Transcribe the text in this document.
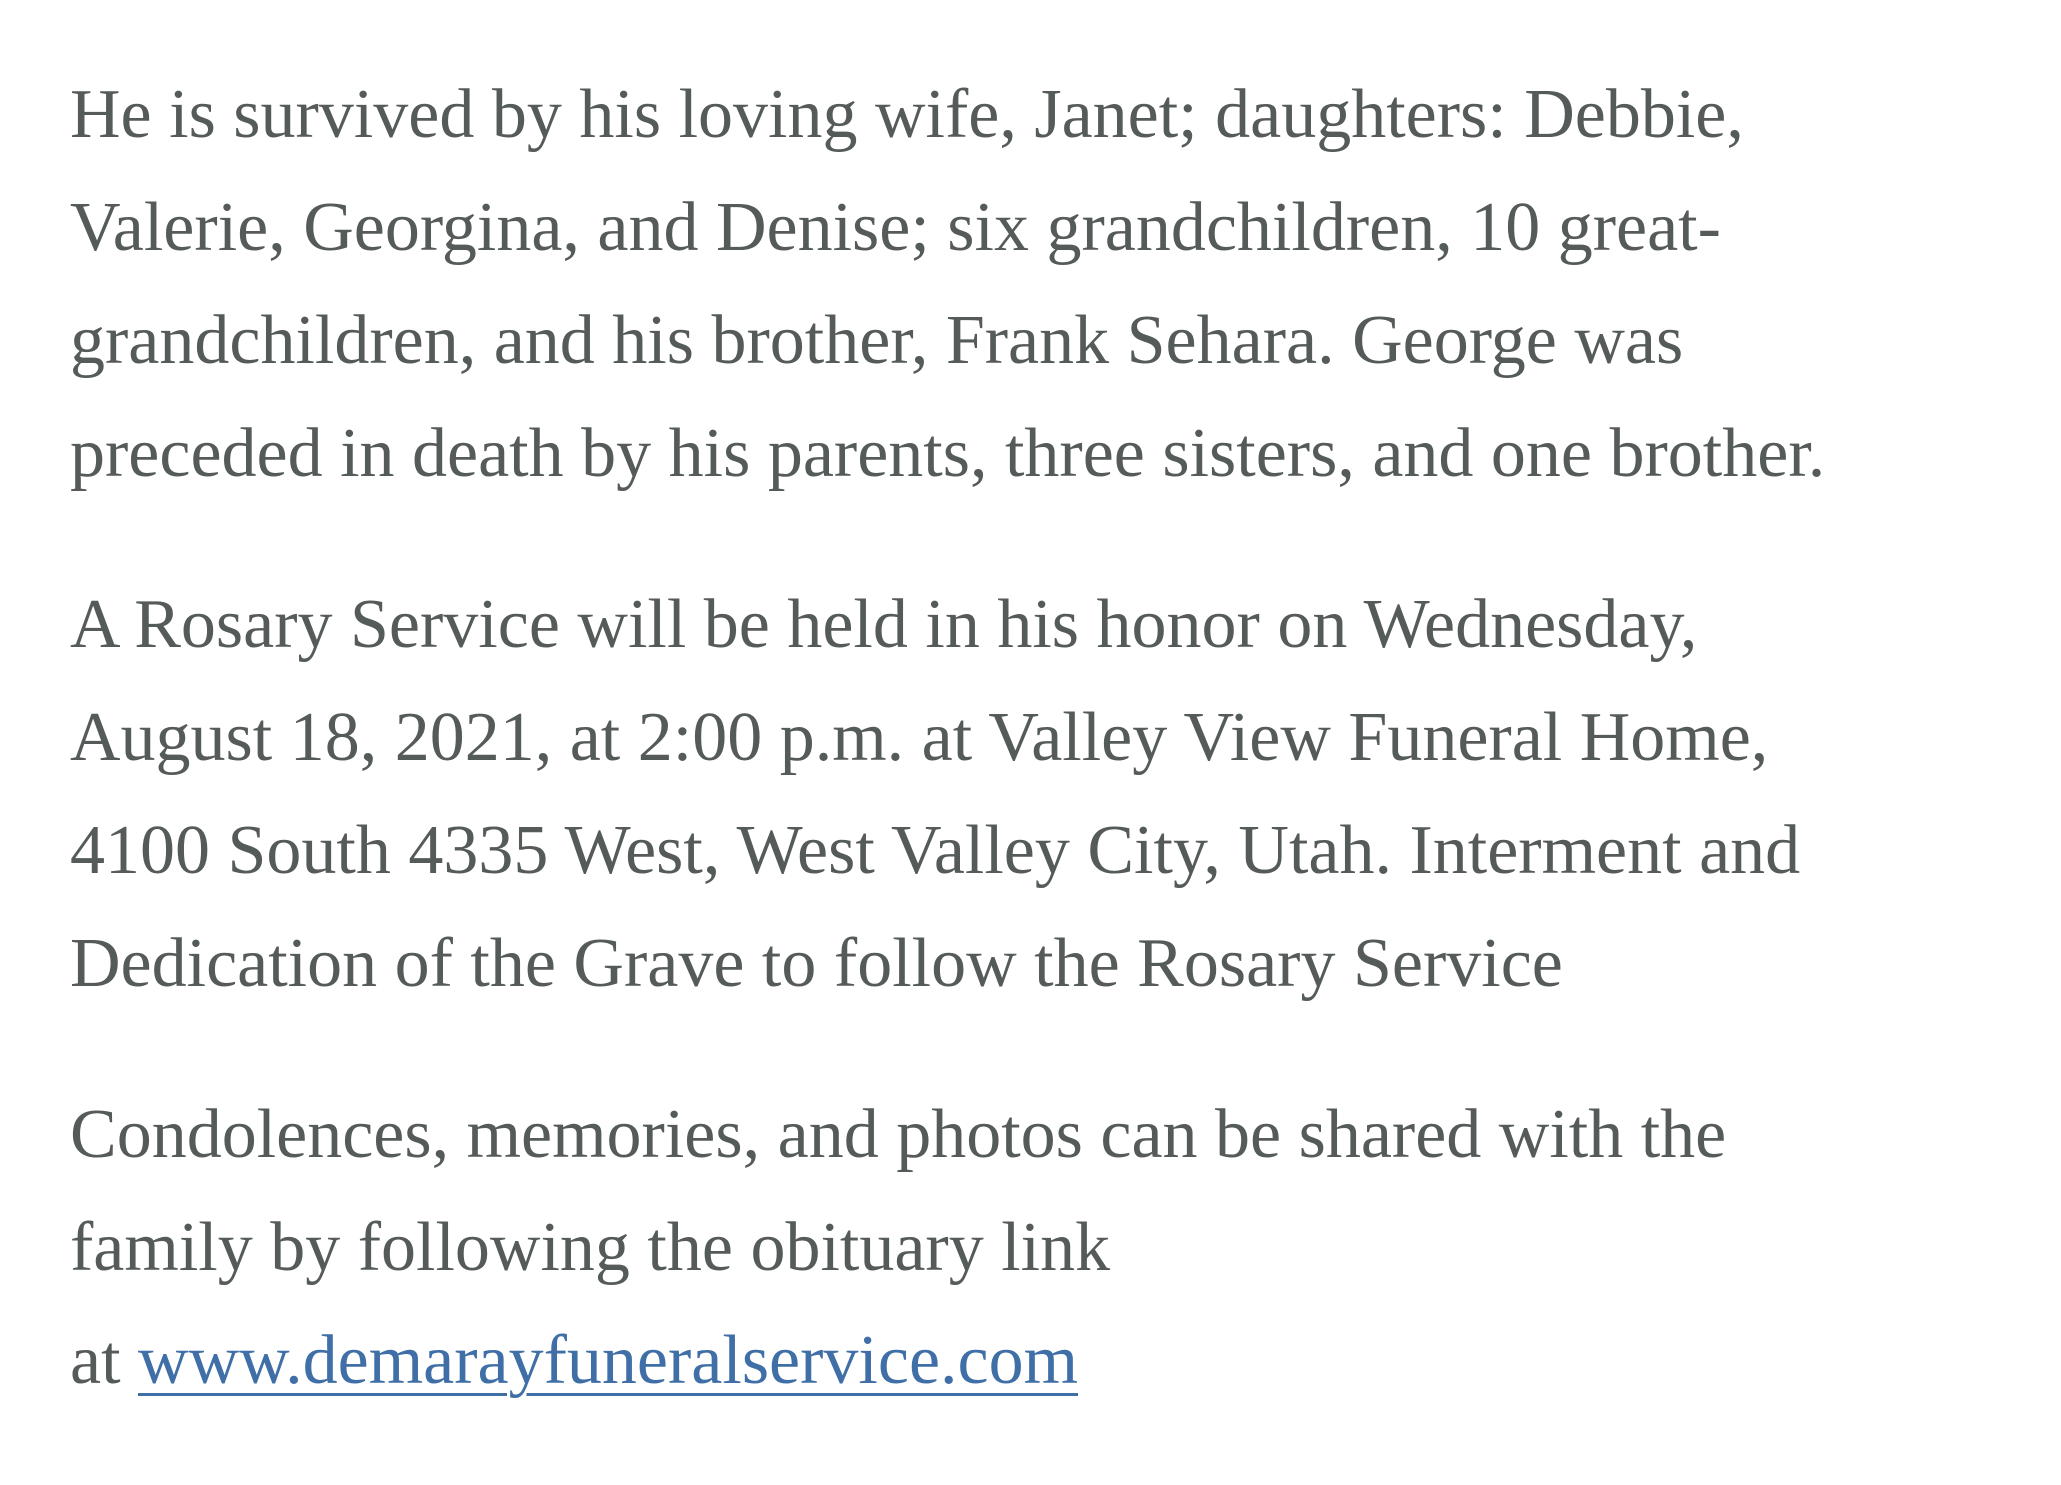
He is survived by his loving wife, Janet; daughters: Debbie,
Valerie, Georgina, and Denise; six grandchildren, 10 great-
grandchildren, and his brother, Frank Sehara. George was
preceded in death by his parents, three sisters, and one brother.

A Rosary Service will be held in his honor on Wednesday,
August 18, 2021, at 2:00 p.m. at Valley View Funeral Home,
4100 South 4335 West, West Valley City, Utah. Interment and
Dedication of the Grave to follow the Rosary Service

Condolences, memories, and photos can be shared with the
family by following the obituary link
at www.demarayfuneralservice.com
